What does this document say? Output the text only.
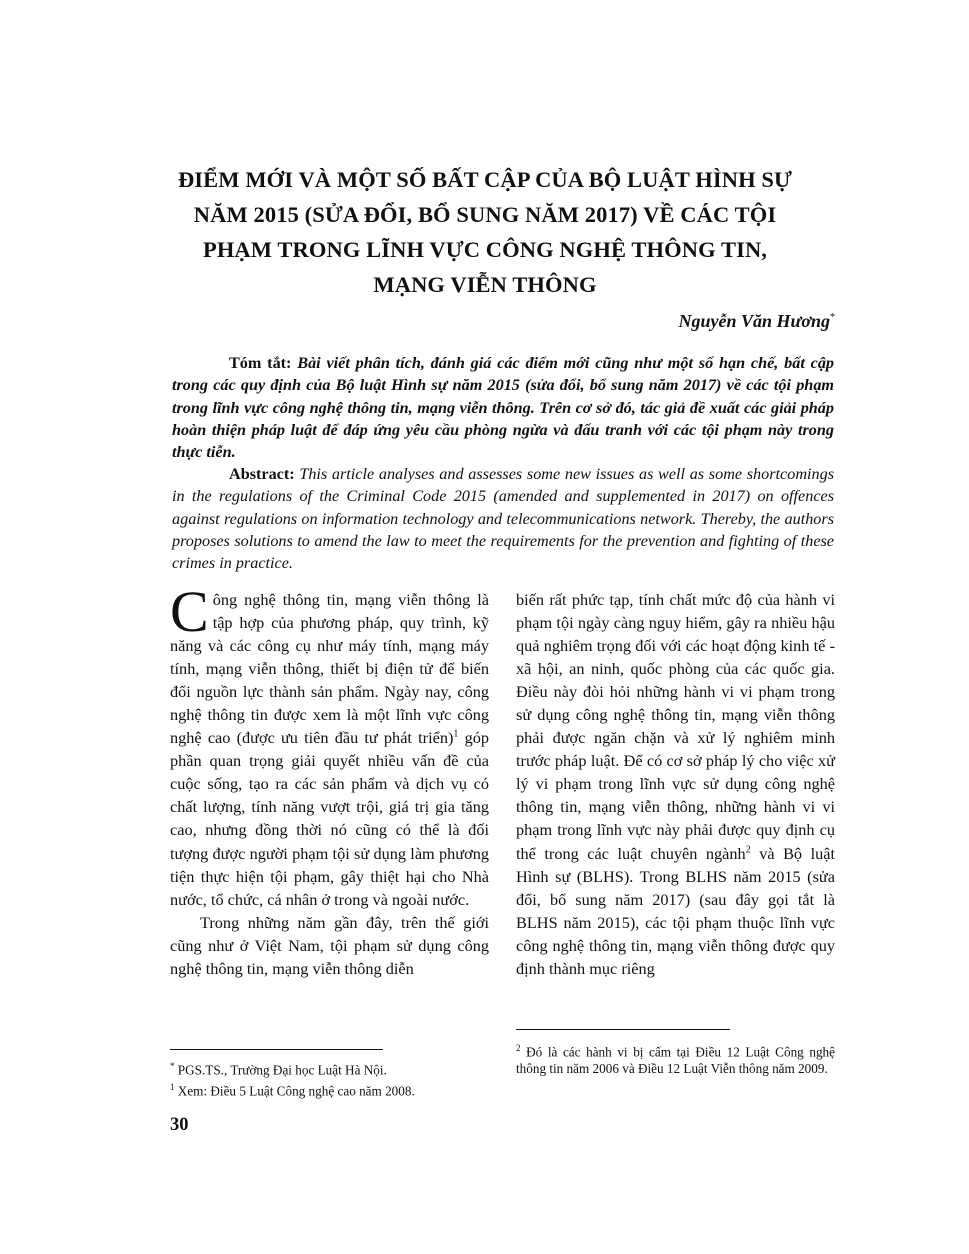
ĐIỂM MỚI VÀ MỘT SỐ BẤT CẬP CỦA BỘ LUẬT HÌNH SỰ
NĂM 2015 (SỬA ĐỔI, BỔ SUNG NĂM 2017) VỀ CÁC TỘI
PHẠM TRONG LĨNH VỰC CÔNG NGHỆ THÔNG TIN,
MẠNG VIỄN THÔNG
Nguyễn Văn Hương*

Tóm tắt: Bài viết phân tích, đánh giá các điểm mới cũng như một số hạn chế, bất cập trong các quy định của Bộ luật Hình sự năm 2015 (sửa đổi, bổ sung năm 2017) về các tội phạm trong lĩnh vực công nghệ thông tin, mạng viễn thông. Trên cơ sở đó, tác giả đề xuất các giải pháp hoàn thiện pháp luật để đáp ứng yêu cầu phòng ngừa và đấu tranh với các tội phạm này trong thực tiễn.

Abstract: This article analyses and assesses some new issues as well as some shortcomings in the regulations of the Criminal Code 2015 (amended and supplemented in 2017) on offences against regulations on information technology and telecommunications network. Thereby, the authors proposes solutions to amend the law to meet the requirements for the prevention and fighting of these crimes in practice.

Công nghệ thông tin, mạng viễn thông là tập hợp của phương pháp, quy trình, kỹ năng và các công cụ như máy tính, mạng máy tính, mạng viễn thông, thiết bị điện tử để biến đổi nguồn lực thành sản phẩm. Ngày nay, công nghệ thông tin được xem là một lĩnh vực công nghệ cao (được ưu tiên đầu tư phát triển)$^1$ góp phần quan trọng giải quyết nhiều vấn đề của cuộc sống, tạo ra các sản phẩm và dịch vụ có chất lượng, tính năng vượt trội, giá trị gia tăng cao, nhưng đồng thời nó cũng có thể là đối tượng được người phạm tội sử dụng làm phương tiện thực hiện tội phạm, gây thiệt hại cho Nhà nước, tổ chức, cá nhân ở trong và ngoài nước.

Trong những năm gần đây, trên thế giới cũng như ở Việt Nam, tội phạm sử dụng công nghệ thông tin, mạng viễn thông diễn

biến rất phức tạp, tính chất mức độ của hành vi phạm tội ngày càng nguy hiểm, gây ra nhiều hậu quả nghiêm trọng đối với các hoạt động kinh tế - xã hội, an ninh, quốc phòng của các quốc gia. Điều này đòi hỏi những hành vi vi phạm trong sử dụng công nghệ thông tin, mạng viễn thông phải được ngăn chặn và xử lý nghiêm minh trước pháp luật. Để có cơ sở pháp lý cho việc xử lý vi phạm trong lĩnh vực sử dụng công nghệ thông tin, mạng viễn thông, những hành vi vi phạm trong lĩnh vực này phải được quy định cụ thể trong các luật chuyên ngành$^2$ và Bộ luật Hình sự (BLHS). Trong BLHS năm 2015 (sửa đổi, bổ sung năm 2017) (sau đây gọi tắt là BLHS năm 2015), các tội phạm thuộc lĩnh vực công nghệ thông tin, mạng viễn thông được quy định thành mục riêng

* PGS.TS., Trường Đại học Luật Hà Nội.

$^1$ Xem: Điều 5 Luật Công nghệ cao năm 2008.

$^2$ Đó là các hành vi bị cấm tại Điều 12 Luật Công nghệ thông tin năm 2006 và Điều 12 Luật Viễn thông năm 2009.

30
